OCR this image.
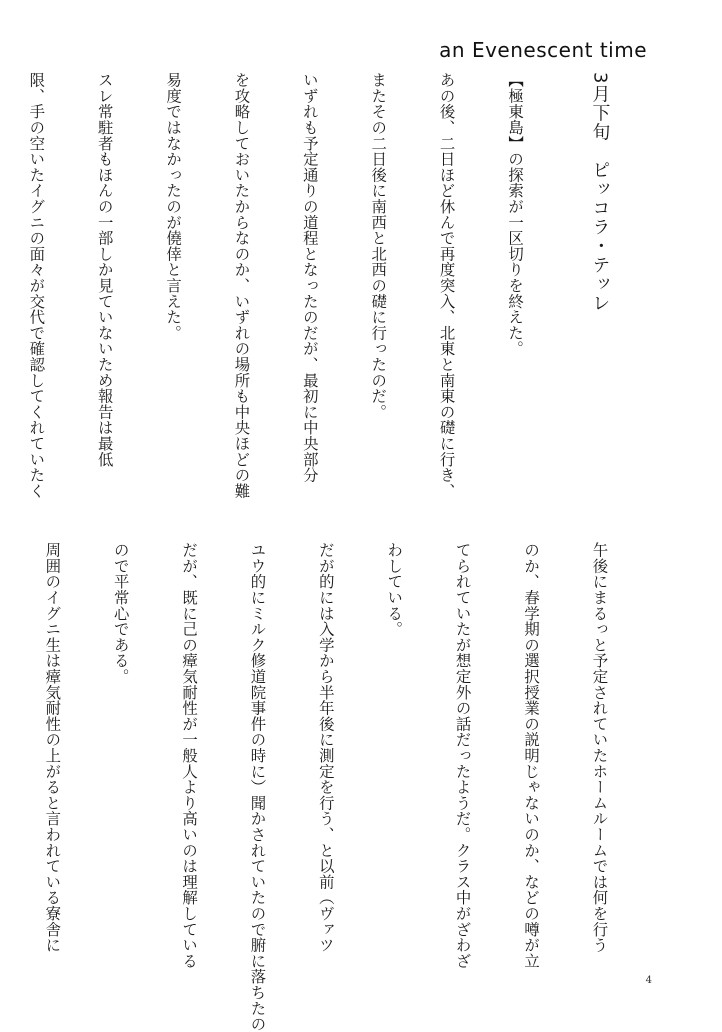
an Evenescent time

3月下旬　ピッコラ・テッレ

【極東島】の探索が一区切りを終えた。

あの後、二日ほど休んで再度突入、北東と南東の礎に行き、

またその二日後に南西と北西の礎に行ったのだ。

いずれも予定通りの道程となったのだが、最初に中央部分

を攻略しておいたからなのか、いずれの場所も中央ほどの難

易度ではなかったのが僥倖と言えた。

スレ常駐者もほんの一部しか見ていないため報告は最低

限、手の空いたイグニの面々が交代で確認してくれていたく

午後にまるっと予定されていたホームルームでは何を行う

のか、春学期の選択授業の説明じゃないのか、などの噂が立

てられていたが想定外の話だったようだ。クラス中がざわざ

わしている。

だが的には入学から半年後に測定を行う、と以前（ヴァツ

ユウ的にミルク修道院事件の時に）聞かされていたので腑に落ちたの

だが、既に己の瘴気耐性が一般人より高いのは理解している

ので平常心である。

周囲のイグニ生は瘴気耐性の上がると言われている寮舎に

4
